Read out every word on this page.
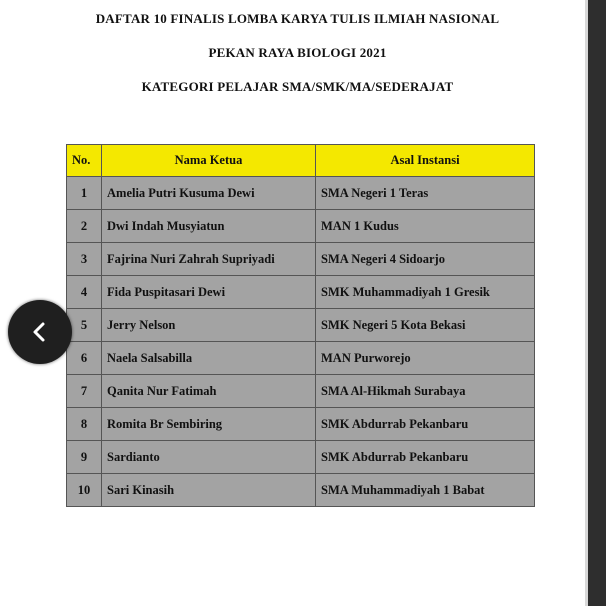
DAFTAR 10 FINALIS LOMBA KARYA TULIS ILMIAH NASIONAL
PEKAN RAYA BIOLOGI 2021
KATEGORI PELAJAR SMA/SMK/MA/SEDERAJAT
No.	Nama Ketua	Asal Instansi
1	Amelia Putri Kusuma Dewi	SMA Negeri 1 Teras
2	Dwi Indah Musyiatun	MAN 1 Kudus
3	Fajrina Nuri Zahrah Supriyadi	SMA Negeri 4 Sidoarjo
4	Fida Puspitasari Dewi	SMK Muhammadiyah 1 Gresik
5	Jerry Nelson	SMK Negeri 5 Kota Bekasi
6	Naela Salsabilla	MAN Purworejo
7	Qanita Nur Fatimah	SMA Al-Hikmah Surabaya
8	Romita Br Sembiring	SMK Abdurrab Pekanbaru
9	Sardianto	SMK Abdurrab Pekanbaru
10	Sari Kinasih	SMA Muhammadiyah 1 Babat
